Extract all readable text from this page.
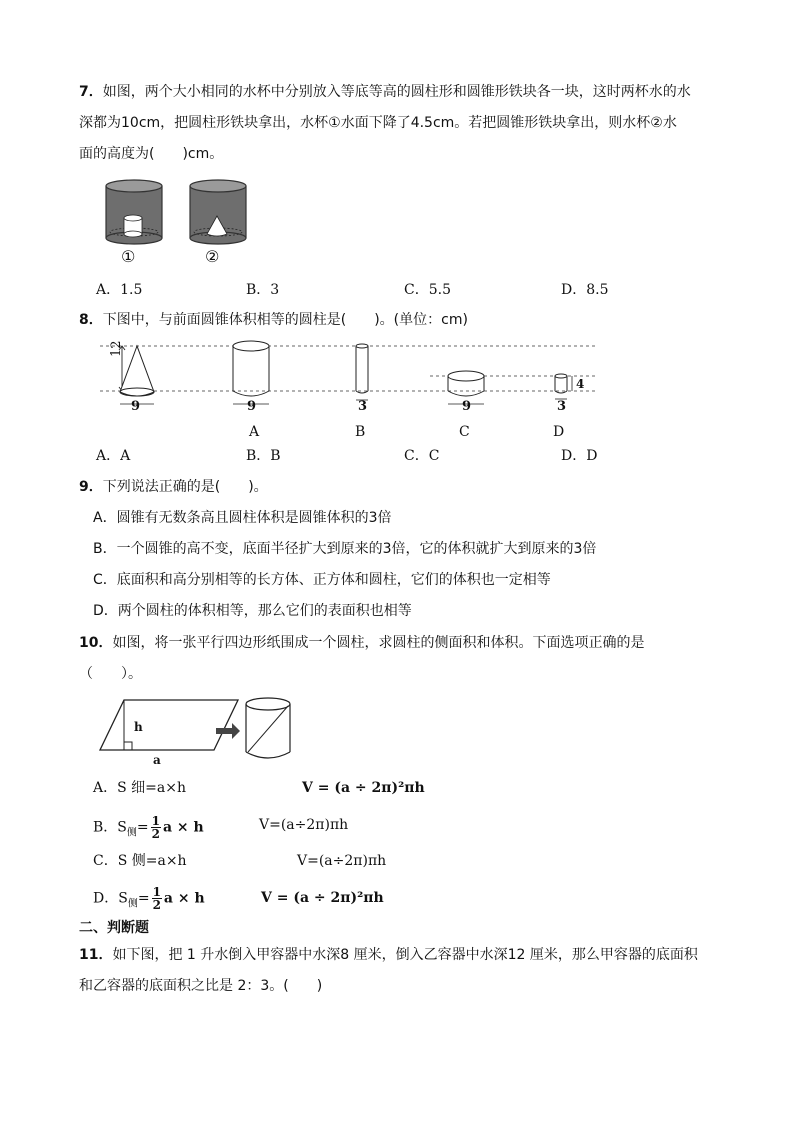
7．如图，两个大小相同的水杯中分别放入等底等高的圆柱形和圆锥形铁块各一块，这时两杯水的水
深都为10cm，把圆柱形铁块拿出，水杯①水面下降了4.5cm。若把圆锥形铁块拿出，则水杯②水
面的高度为(　　)cm。
①	②
A．1.5	B．3	C．5.5	D．8.5
8．下图中，与前面圆锥体积相等的圆柱是(　　)。(单位：cm)
12
9	9	3	9	3
4
A	B	C	D
A．A	B．B	C．C	D．D
9．下列说法正确的是(　　)。
A．圆锥有无数条高且圆柱体积是圆锥体积的3倍
B．一个圆锥的高不变，底面半径扩大到原来的3倍，它的体积就扩大到原来的3倍
C．底面积和高分别相等的长方体、正方体和圆柱，它们的体积也一定相等
D．两个圆柱的体积相等，那么它们的表面积也相等
10．如图，将一张平行四边形纸围成一个圆柱，求圆柱的侧面积和体积。下面选项正确的是
（　　）。
h
a
A．S 细=a×h	V = (a ÷ 2π)²πh
B．$S_侧= \frac{1}{2}$ a × h	V=(a÷2π)πh
C．S 侧=a×h	V=(a÷2π)πh
D．$S_侧= \frac{1}{2}$ a × h	V = (a ÷ 2π)²πh
二、判断题
11．如下图，把 1 升水倒入甲容器中水深8 厘米，倒入乙容器中水深12 厘米，那么甲容器的底面积
和乙容器的底面积之比是 2：3。(　　)
